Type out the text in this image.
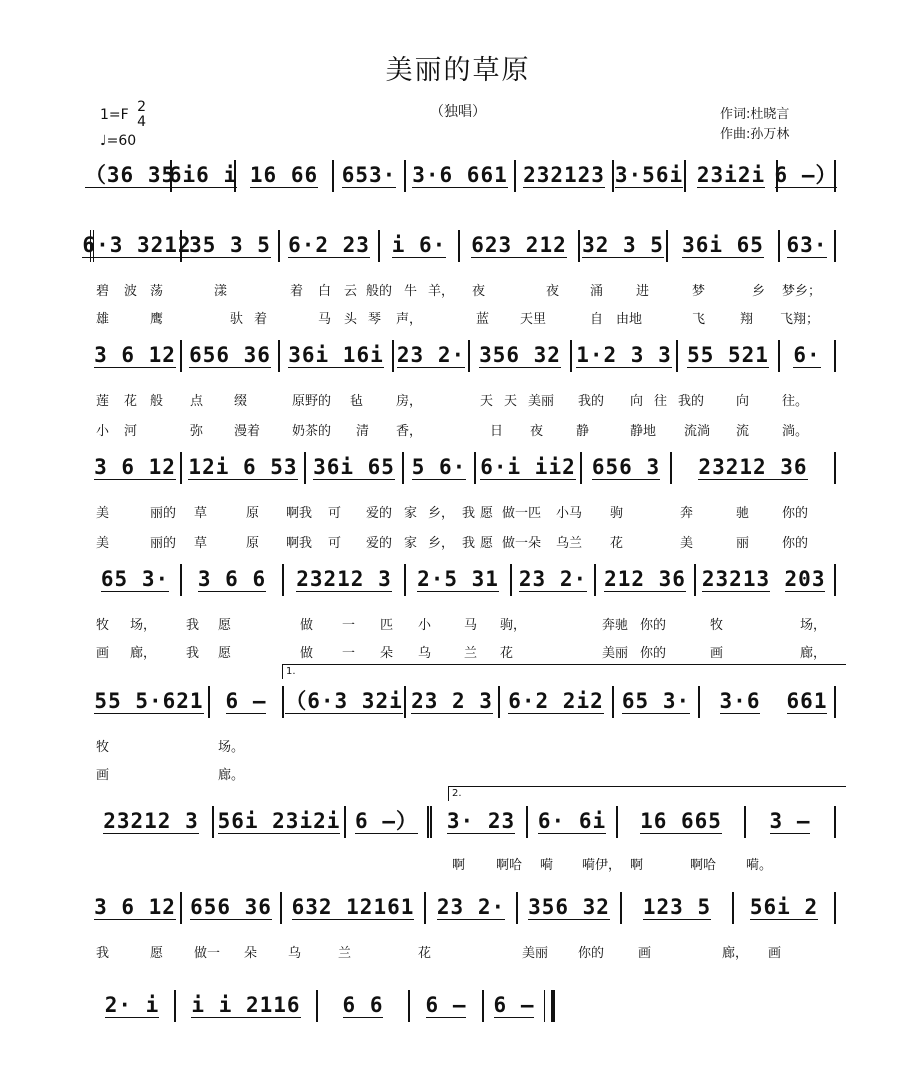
美丽的草原
（独唱）
1=F 2
4
♩=60
作词:杜晓言
作曲:孙万林
（36 35
6i6 i 16 66 653· 3·6 661 232123 3·56i 23i2i 6 –）
6·3 3212
35 3 5 6·2 23 i 6· 623 212 32 3 5 36i 65 63·
碧 波 荡	漾	着 白 云 般的 牛 羊， 夜	夜 涌	进	梦	乡 梦乡；
雄	鹰	驮 着	马 头 琴 声，	蓝 天里	自 由地	飞	翔 飞翔；
3 6 12 656 36 36i 16i 23 2· 356 32 1·2 3 3 55 521 6·
莲 花 般 点 缀	原野的 毡	房，	天 天 美丽 我的 向 往 我的 向	往。
小 河	弥 漫着 奶茶的 清 香，	日 夜	静	静地 流淌 流	淌。
3 6 12 12i 6 53 36i 65 5 6· 6·i ii2 656 3 23212 36
美	丽的 草	原 啊我 可 爱的 家 乡， 我 愿 做一匹 小马 驹	奔	驰	你的
美	丽的 草	原 啊我 可 爱的 家 乡， 我 愿 做一朵 乌兰 花	美	丽	你的
65 3· 3 6 6 23212 3 2·5 31 23 2· 212 36 23213 203
牧 场， 我 愿	做 一 匹 小	马 驹，	奔驰 你的	牧	场，
画 廊， 我 愿	做 一 朵 乌	兰 花	美丽 你的	画	廊，
1.
55 5·621 6 – （6·3 32i 23 2 3 6·2 2i2 65 3· 3·6 661
牧	场。
画	廊。
2.
23212 3 56i 23i2i 6 –） 3· 23 6· 6i 16 665 3 –
啊 啊哈 嗬 嗬伊， 啊	啊哈 嗬。
3 6 12 656 36 632 12161 23 2· 356 32 123 5 56i 2
我	愿 做一 朵 乌	兰	花	美丽 你的	画	廊， 画
2· i i i 2116 6 6 6 – 6 –
